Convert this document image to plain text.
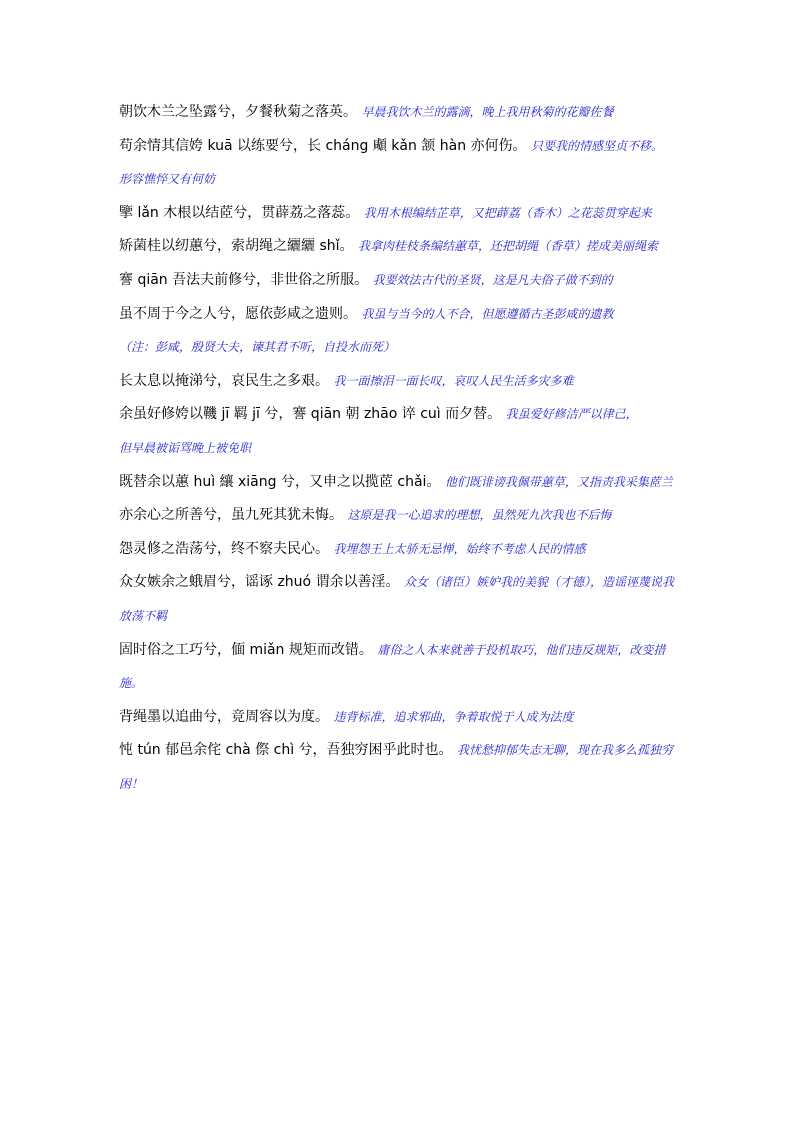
朝饮木兰之坠露兮，夕餐秋菊之落英。 早晨我饮木兰的露滴，晚上我用秋菊的花瓣佐餐
苟余情其信姱 kuā 以练要兮，长 cháng 顑 kǎn 颔 hàn 亦何伤。 只要我的情感坚贞不移。
形容憔悴又有何妨
擥 lǎn 木根以结茝兮，贯薜荔之落蕊。 我用木根编结芷草，又把薜荔（香木）之花蕊贯穿起来
矫菌桂以纫蕙兮，索胡绳之纚纚 shǐ。 我拿肉桂枝条编结蕙草，还把胡绳（香草）搓成美丽绳索
謇 qiān 吾法夫前修兮，非世俗之所服。 我要效法古代的圣贤，这是凡夫俗子做不到的
虽不周于今之人兮，愿依彭咸之遗则。 我虽与当今的人不合，但愿遵循古圣彭咸的遗教
（注：彭咸，殷贤大夫，谏其君不听，自投水而死）
长太息以掩涕兮，哀民生之多艰。 我一面擦泪一面长叹，哀叹人民生活多灾多难
余虽好修姱以鞿 jī 羁 jī 兮，謇 qiān 朝 zhāo 谇 cuì 而夕替。 我虽爱好修洁严以律己，
但早晨被诟骂晚上被免职
既替余以蕙 huì 纕 xiāng 兮，又申之以揽茝 chǎi。 他们既诽谤我佩带蕙草，又指责我采集茝兰
亦余心之所善兮，虽九死其犹未悔。 这原是我一心追求的理想，虽然死九次我也不后悔
怨灵修之浩荡兮，终不察夫民心。 我埋怨王上太骄无忌惮，始终不考虑人民的情感
众女嫉余之蛾眉兮，谣诼 zhuó 谓余以善淫。 众女（诸臣）嫉妒我的美貌（才德），造谣诬蔑说我放荡不羁
固时俗之工巧兮，偭 miǎn 规矩而改错。 庸俗之人本来就善于投机取巧，他们违反规矩，改变措施。
背绳墨以追曲兮，竞周容以为度。 违背标准，追求邪曲，争着取悦于人成为法度
忳 tún 郁邑余侘 chà 傺 chì 兮，吾独穷困乎此时也。 我忧愁抑郁失志无聊，现在我多么孤独穷困！
